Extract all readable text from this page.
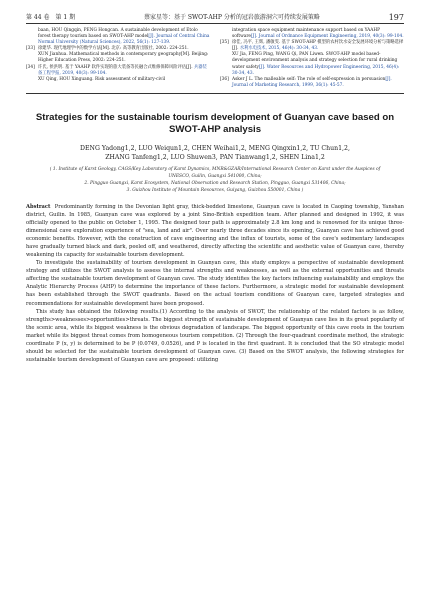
第 44 卷　第 1 期	蔡家星等：基于 SWOT-AHP 分析的冠岩旅游洞穴可持续发展策略	197
baan, HOU Qingqin, PENG Hongcan. A sustainable development of Etolo forest therapy tourism based on SWOT-AHP model[J]. Journal of Central China Normal University (Natural Sciences), 2022, 56(1): 127-139.
[33] 徐建华. 现代地理学中的数学方法[M]. 北京: 高等教育出版社, 2002: 224-251.
XUN Jianhua. Mathematical methods in contemporary geography[M]. Beijing: Higher Education Press, 2002: 224-251.
[34] 许氏, 侯洪明. 基于 YAAHP 软件实现的旅大装备等民融合式维修保障风险评估[J]. 兵器装备工程学报, 2019, 40(3): 99-104.
XU Qing, HOU Xinguang. Risk assessment of military-civil
integration space equipment maintenance support based on YAAHP software[J]. Journal of Ordnance Equipment Engineering, 2019, 40(3): 99-104.
[35] 徐佳, 冯平, 王辉, 潘敏雯. 基于 SWOT-AHP 模型的农村饮水安全发展环境分析与策略选择[J]. 水利水电技术, 2015, 46(4): 30-34, 43.
XU Jia, FENG Ping, WANG Qi, PAN Liwen. SWOT-AHP model based-development environment analysis and strategy selection for rural drinking water safety[J]. Water Resources and Hydropower Engineering, 2015, 46(4): 30-34, 43.
[36] Asker J L. The malleable self: The role of self-expression in persuasion[J]. Journal of Marketing Research, 1999, 36(1): 45-57.
Strategies for the sustainable tourism development of Guanyan cave based on
SWOT-AHP analysis
DENG Yadong1,2, LUO Weiqun1,2, CHEN Weihai1,2, MENG Qingxin1,2, TU Chun1,2,
ZHANG Tanfeng1,2, LUO Shuwen3, PAN Tianwang1,2, SHEN Lina1,2
( 1. Institute of Karst Geology, CAGS/Key Laboratory of Karst Dynamics, MNR&GZAR/International Research Center on Karst under the Auspices of
UNESCO, Guilin, Guangxi 541000, China;
2. Pingguo Guangxi, Karst Ecosystem, National Observation and Research Station, Pingguo, Guangxi 531406, China;
3. Guizhou Institute of Mountain Resources, Guiyang, Guizhou 550001, China )

Abstract Predominantly forming in the Devonian light gray, thick-bedded limestone, Guanyan cave is located in Caoping township, Yanshan district, Guilin. In 1985, Guanyan cave was explored by a joint Sino-British expedition team. After planned and designed in 1992, it was officially opened to the public on October 1, 1995. The designed tour path is approximately 2.8 km long and is renowned for its unique three-dimensional cave exploration experience of "sea, land and air". Over nearly three decades since its opening, Guanyan cave has achieved good economic benefits. However, with the construction of cave engineering and the influx of tourists, some of the cave's sedimentary landscapes have gradually turned black and dark, peeled off, and weathered, directly affecting the scientific and aesthetic value of Guanyan cave, thereby weakening its capacity for sustainable tourism development.

To investigate the sustainability of tourism development in Guanyan cave, this study employs a perspective of sustainable development strategy and utilizes the SWOT analysis to assess the internal strengths and weaknesses, as well as the external opportunities and threats affecting the sustainable tourism development of Guanyan cave. The study identifies the key factors influencing sustainability and employs the Analytic Hierarchy Process (AHP) to determine the importance of these factors. Furthermore, a strategic model for sustainable development has been established through the SWOT quadrants. Based on the actual tourism conditions of Guanyan cave, targeted strategies and recommendations for sustainable development have been proposed.

This study has obtained the following results.(1) According to the analysis of SWOT, the relationship of the related factors is as follow, strengths>weaknesses>opportunities>threats. The biggest strength of sustainable development of Guanyan cave lies in its great popularity of the scenic area, while its biggest weakness is the obvious degradation of landscape. The biggest opportunity of this cave roots in the tourism market while its biggest threat comes from homogeneous tourism competition. (2) Through the four-quadrant coordinate method, the strategic coordinate P (x, y) is determined to be P (0.0749, 0.0526), and P is located in the first quadrant. It is concluded that the SO strategic model should be selected for the sustainable tourism development of Guanyan cave. (3) Based on the SWOT analysis, the following strategies for sustainable tourism development of Guanyan cave are proposed: utilizing
